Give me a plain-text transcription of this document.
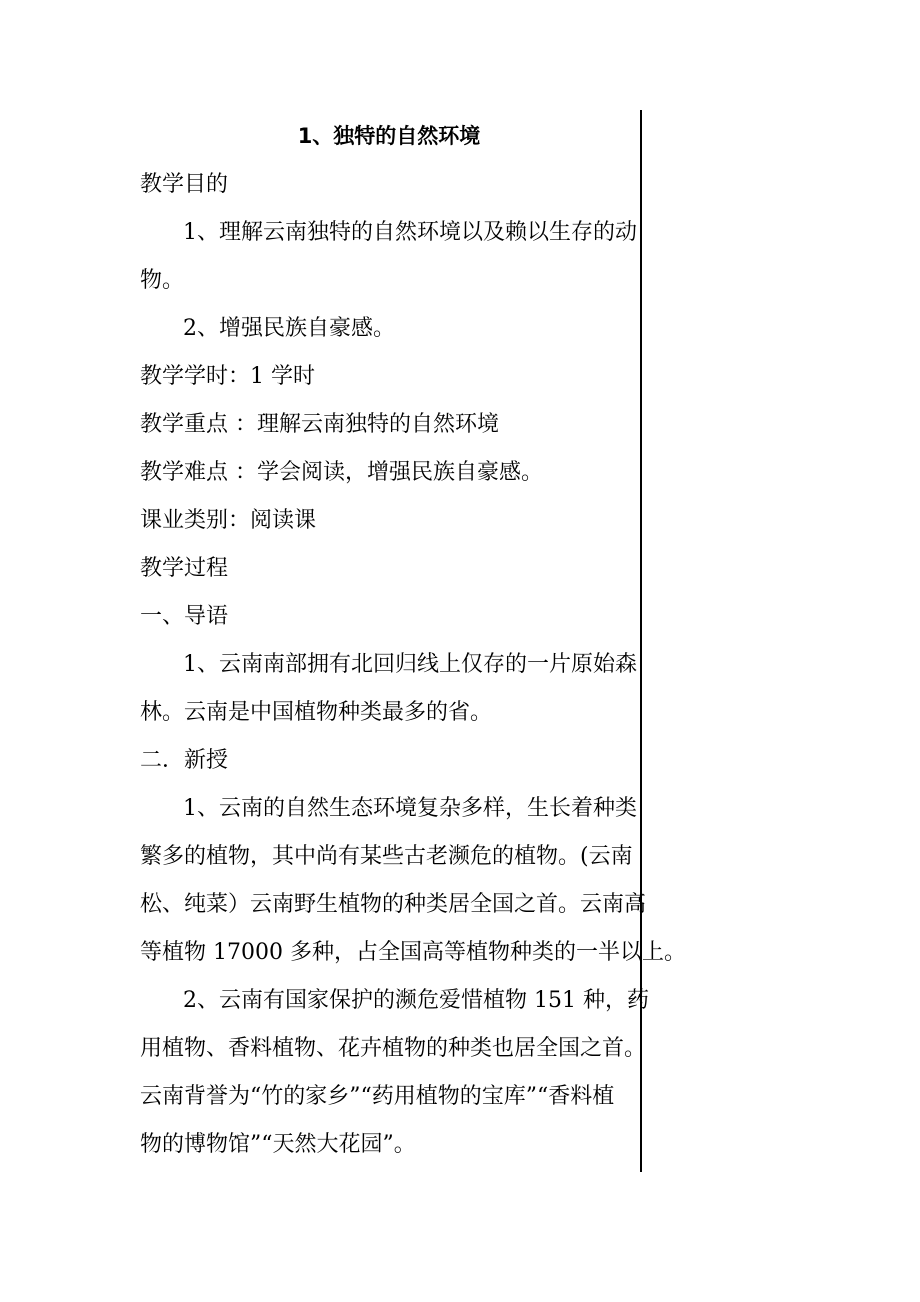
1、独特的自然环境
教学目的
1、理解云南独特的自然环境以及赖以生存的动
物。
2、增强民族自豪感。
教学学时：1 学时
教学重点 ：理解云南独特的自然环境
教学难点 ：学会阅读，增强民族自豪感。
课业类别：阅读课
教学过程
一、导语
1、云南南部拥有北回归线上仅存的一片原始森
林。云南是中国植物种类最多的省。
二．新授
1、云南的自然生态环境复杂多样，生长着种类
繁多的植物，其中尚有某些古老濒危的植物。(云南
松、纯菜）云南野生植物的种类居全国之首。云南高
等植物 17000 多种，占全国高等植物种类的一半以上。
2、云南有国家保护的濒危爱惜植物 151 种，药
用植物、香料植物、花卉植物的种类也居全国之首。
云南背誉为“竹的家乡”“药用植物的宝库”“香料植
物的博物馆”“天然大花园”。
